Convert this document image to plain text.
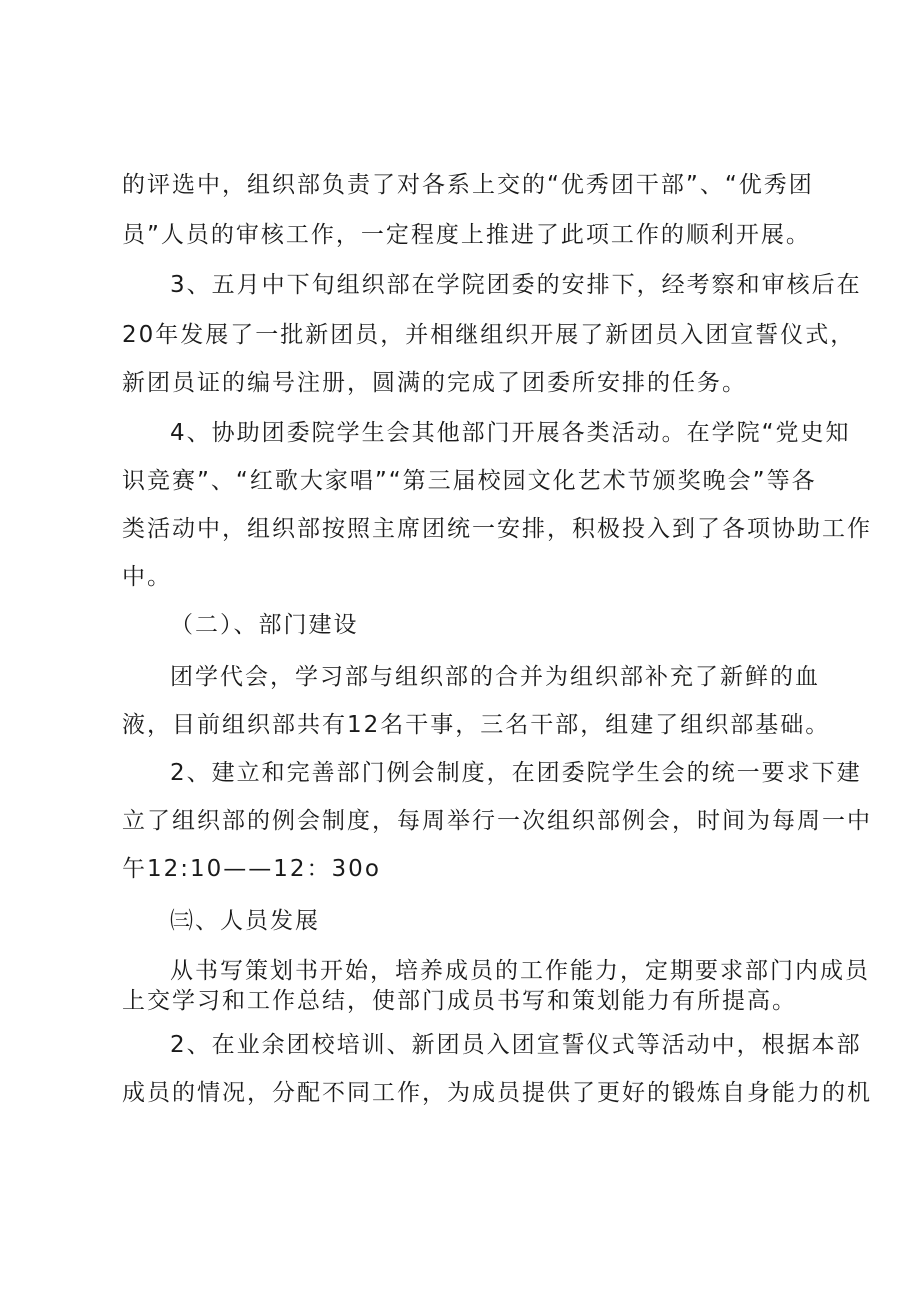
的评选中，组织部负责了对各系上交的“优秀团干部”、“优秀团
员”人员的审核工作，一定程度上推进了此项工作的顺利开展。
3、五月中下旬组织部在学院团委的安排下，经考察和审核后在
20年发展了一批新团员，并相继组织开展了新团员入团宣誓仪式，
新团员证的编号注册，圆满的完成了团委所安排的任务。
4、协助团委院学生会其他部门开展各类活动。在学院“党史知
识竞赛”、“红歌大家唱”“第三届校园文化艺术节颁奖晚会”等各
类活动中，组织部按照主席团统一安排，积极投入到了各项协助工作
中。
（二）、部门建设
团学代会，学习部与组织部的合并为组织部补充了新鲜的血
液，目前组织部共有12名干事，三名干部，组建了组织部基础。
2、建立和完善部门例会制度，在团委院学生会的统一要求下建
立了组织部的例会制度，每周举行一次组织部例会，时间为每周一中
午12:10——12：30o
㈢、人员发展
从书写策划书开始，培养成员的工作能力，定期要求部门内成员
上交学习和工作总结，使部门成员书写和策划能力有所提高。
2、在业余团校培训、新团员入团宣誓仪式等活动中，根据本部
成员的情况，分配不同工作，为成员提供了更好的锻炼自身能力的机
